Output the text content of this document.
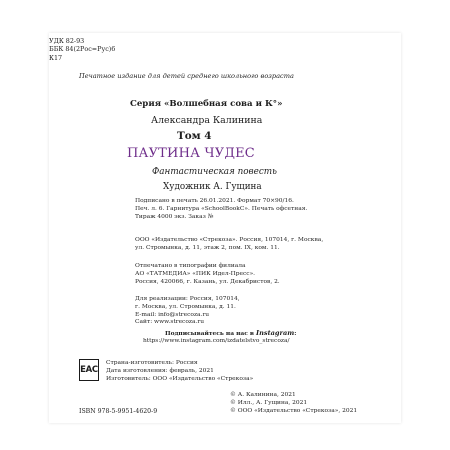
УДК 82-93
ББК 84(2Рос=Рус)6
К17
Печатное издание для детей среднего школьного возраста
Серия «Волшебная сова и К°»
Александра Калинина
Том 4
ПАУТИНА ЧУДЕС
Фантастическая повесть
Художник А. Гущина
Подписано в печать 26.01.2021. Формат 70×90/16.
Печ. л. 6. Гарнитура «SchoolBookC». Печать офсетная.
Тираж 4000 экз. Заказ №
ООО «Издательство «Стрекоза». Россия, 107014, г. Москва,
ул. Стромынка, д. 11, этаж 2, пом. IX, ком. 11.
Отпечатано в типографии филиала
АО «ТАТМЕДИА» «ПИК Идел-Пресс».
Россия, 420066, г. Казань, ул. Декабристов, 2.
Для реализации: Россия, 107014,
г. Москва, ул. Стромынка, д. 11.
E-mail: info@strecoza.ru
Сайт: www.strecoza.ru
Подписывайтесь на нас в Instagram:
https://www.instagram.com/izdatelstvo_strecoza/
EAC
Страна-изготовитель: Россия
Дата изготовления: февраль, 2021
Изготовитель: ООО «Издательство «Стрекоза»
© А. Калинина, 2021
© Илл., А. Гущина, 2021
© ООО «Издательство «Стрекоза», 2021
ISBN 978-5-9951-4620-9
